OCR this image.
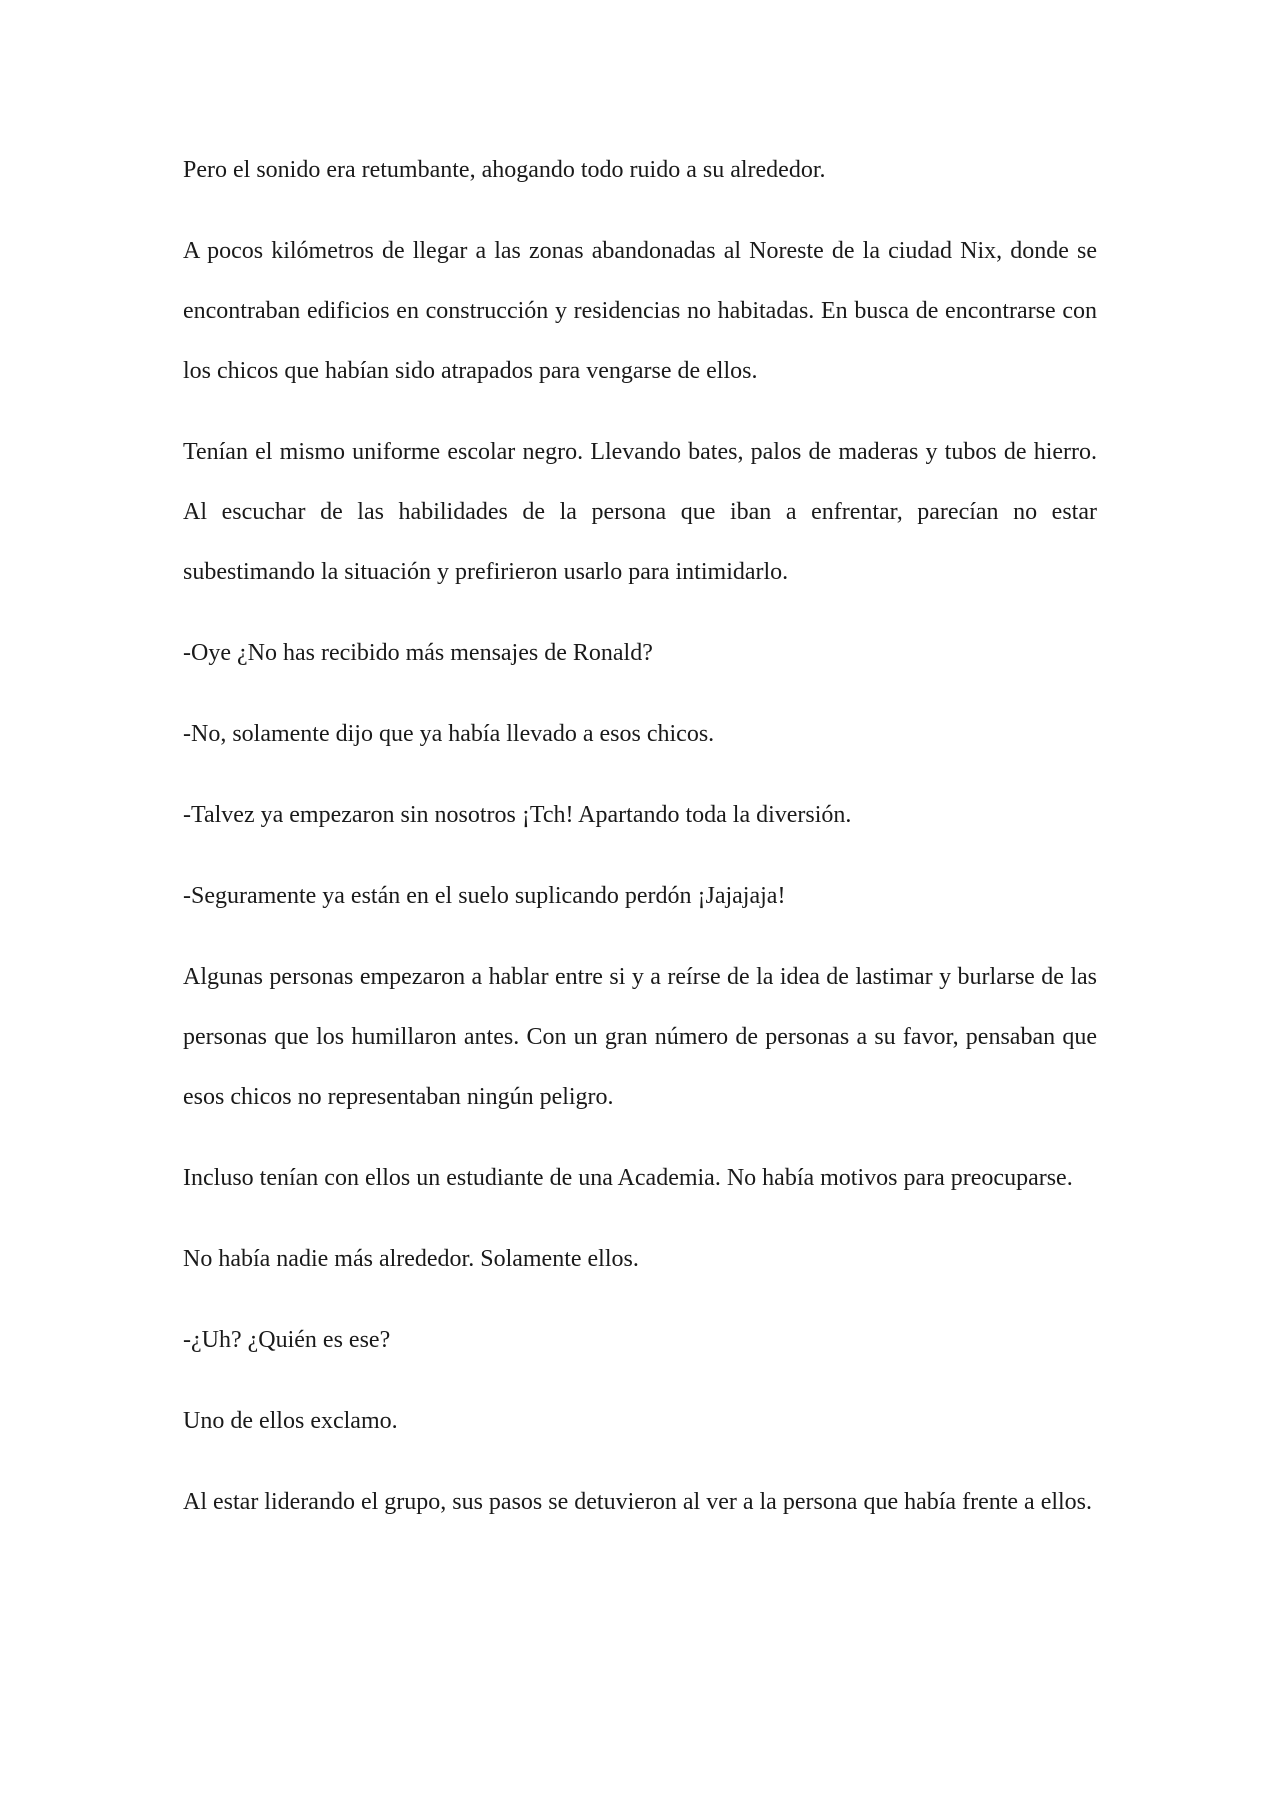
Pero el sonido era retumbante, ahogando todo ruido a su alrededor.

A pocos kilómetros de llegar a las zonas abandonadas al Noreste de la ciudad Nix, donde se encontraban edificios en construcción y residencias no habitadas. En busca de encontrarse con los chicos que habían sido atrapados para vengarse de ellos.

Tenían el mismo uniforme escolar negro. Llevando bates, palos de maderas y tubos de hierro. Al escuchar de las habilidades de la persona que iban a enfrentar, parecían no estar subestimando la situación y prefirieron usarlo para intimidarlo.

-Oye ¿No has recibido más mensajes de Ronald?

-No, solamente dijo que ya había llevado a esos chicos.

-Talvez ya empezaron sin nosotros ¡Tch! Apartando toda la diversión.

-Seguramente ya están en el suelo suplicando perdón ¡Jajajaja!

Algunas personas empezaron a hablar entre si y a reírse de la idea de lastimar y burlarse de las personas que los humillaron antes. Con un gran número de personas a su favor, pensaban que esos chicos no representaban ningún peligro.

Incluso tenían con ellos un estudiante de una Academia. No había motivos para preocuparse.

No había nadie más alrededor. Solamente ellos.

-¿Uh? ¿Quién es ese?

Uno de ellos exclamo.

Al estar liderando el grupo, sus pasos se detuvieron al ver a la persona que había frente a ellos.
